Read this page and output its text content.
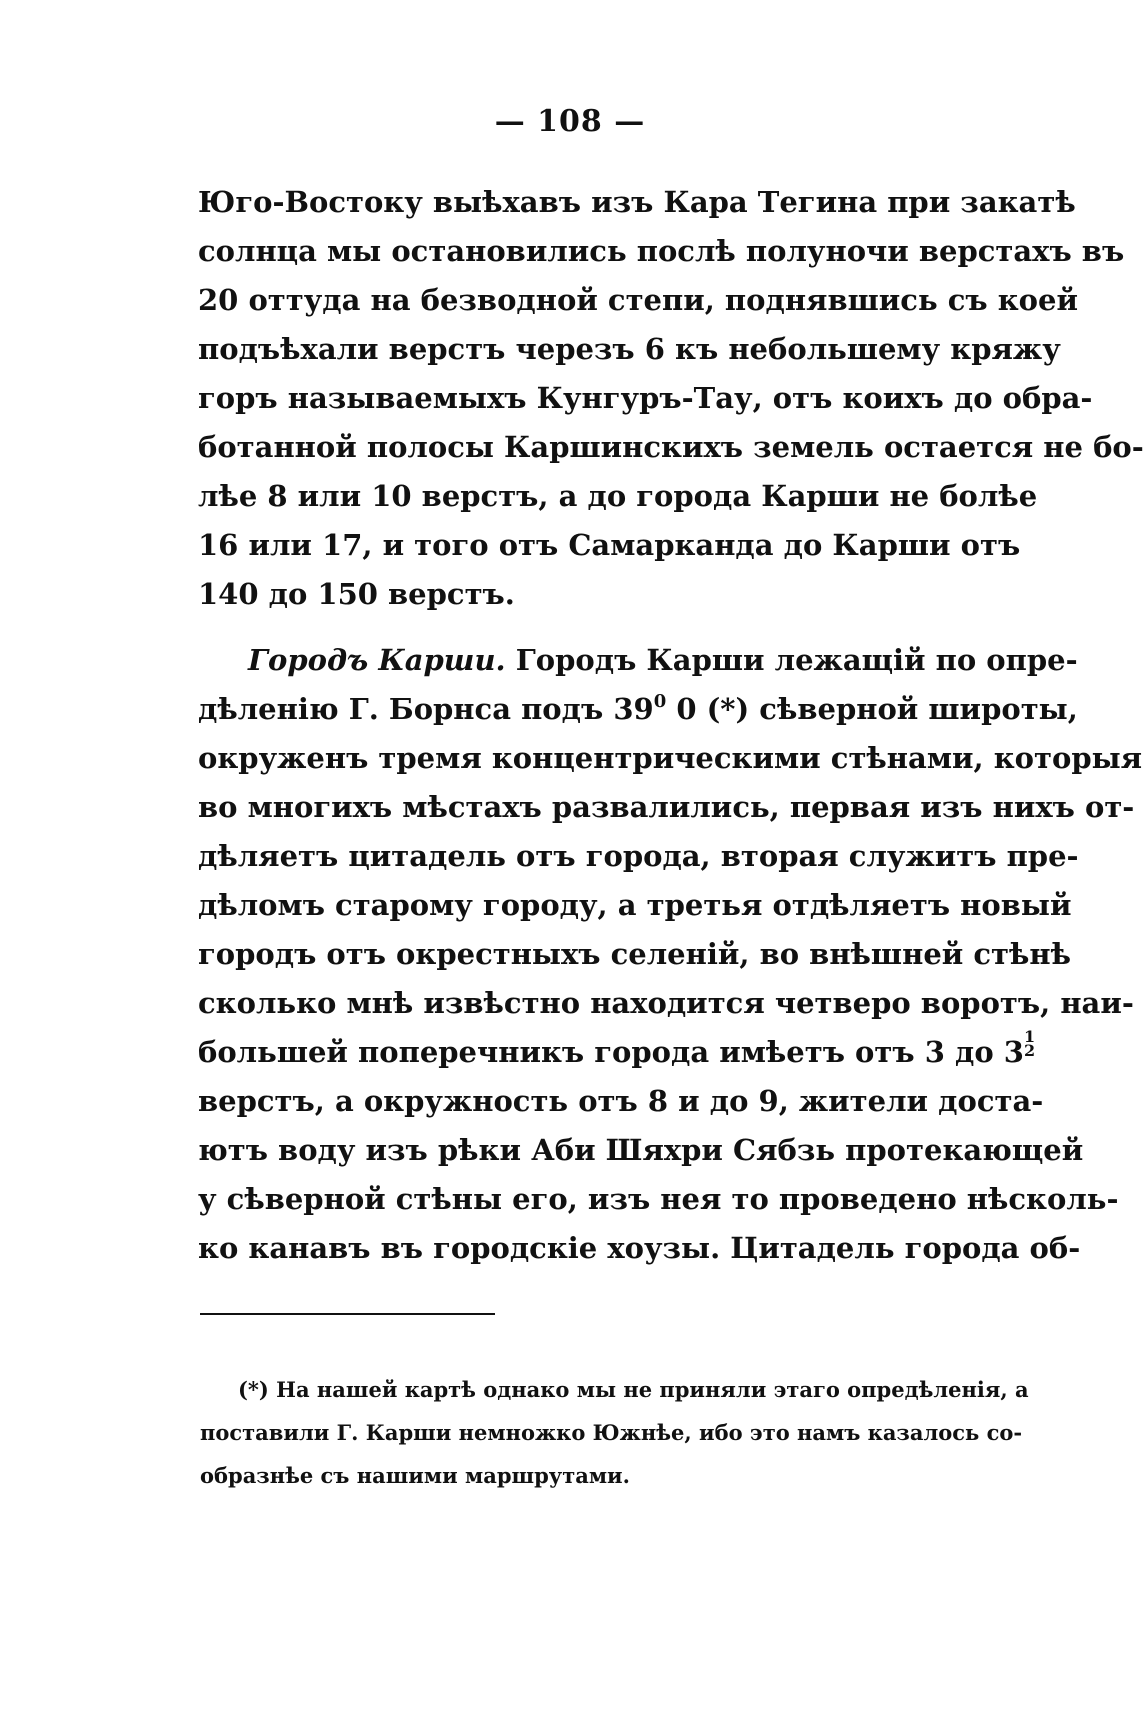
— 108 —
Юго-Востоку выѣхавъ изъ Кара Тегина при закатѣ
солнца мы остановились послѣ полуночи верстахъ въ
20 оттуда на безводной степи, поднявшись съ коей
подъѣхали верстъ черезъ 6 къ небольшему кряжу
горъ называемыхъ Кунгуръ-Тау, отъ коихъ до обра-
ботанной полосы Каршинскихъ земель остается не бо-
лѣе 8 или 10 верстъ, а до города Карши не болѣе
16 или 17, и того отъ Самарканда до Карши отъ
140 до 150 верстъ.
Городъ Карши. Городъ Карши лежащій по опре-
дѣленію Г. Борнса подъ $39^0$ 0 (*) сѣверной широты,
окруженъ тремя концентрическими стѣнами, которыя
во многихъ мѣстахъ развалились, первая изъ нихъ от-
дѣляетъ цитадель отъ города, вторая служитъ пре-
дѣломъ старому городу, а третья отдѣляетъ новый
городъ отъ окрестныхъ селеній, во внѣшней стѣнѣ
сколько мнѣ извѣстно находится четверо воротъ, наи-
большей поперечникъ города имѣетъ отъ 3 до 3 1
2
верстъ, а окружность отъ 8 и до 9, жители доста-
ютъ воду изъ рѣки Аби Шяхри Сябзь протекающей
у сѣверной стѣны его, изъ нея то проведено нѣсколь-
ко канавъ въ городскіе хоузы. Цитадель города об-
(*) На нашей картѣ однако мы не приняли этаго опредѣленія, а
поставили Г. Карши немножко Южнѣе, ибо это намъ казалось со-
образнѣе съ нашими маршрутами.
